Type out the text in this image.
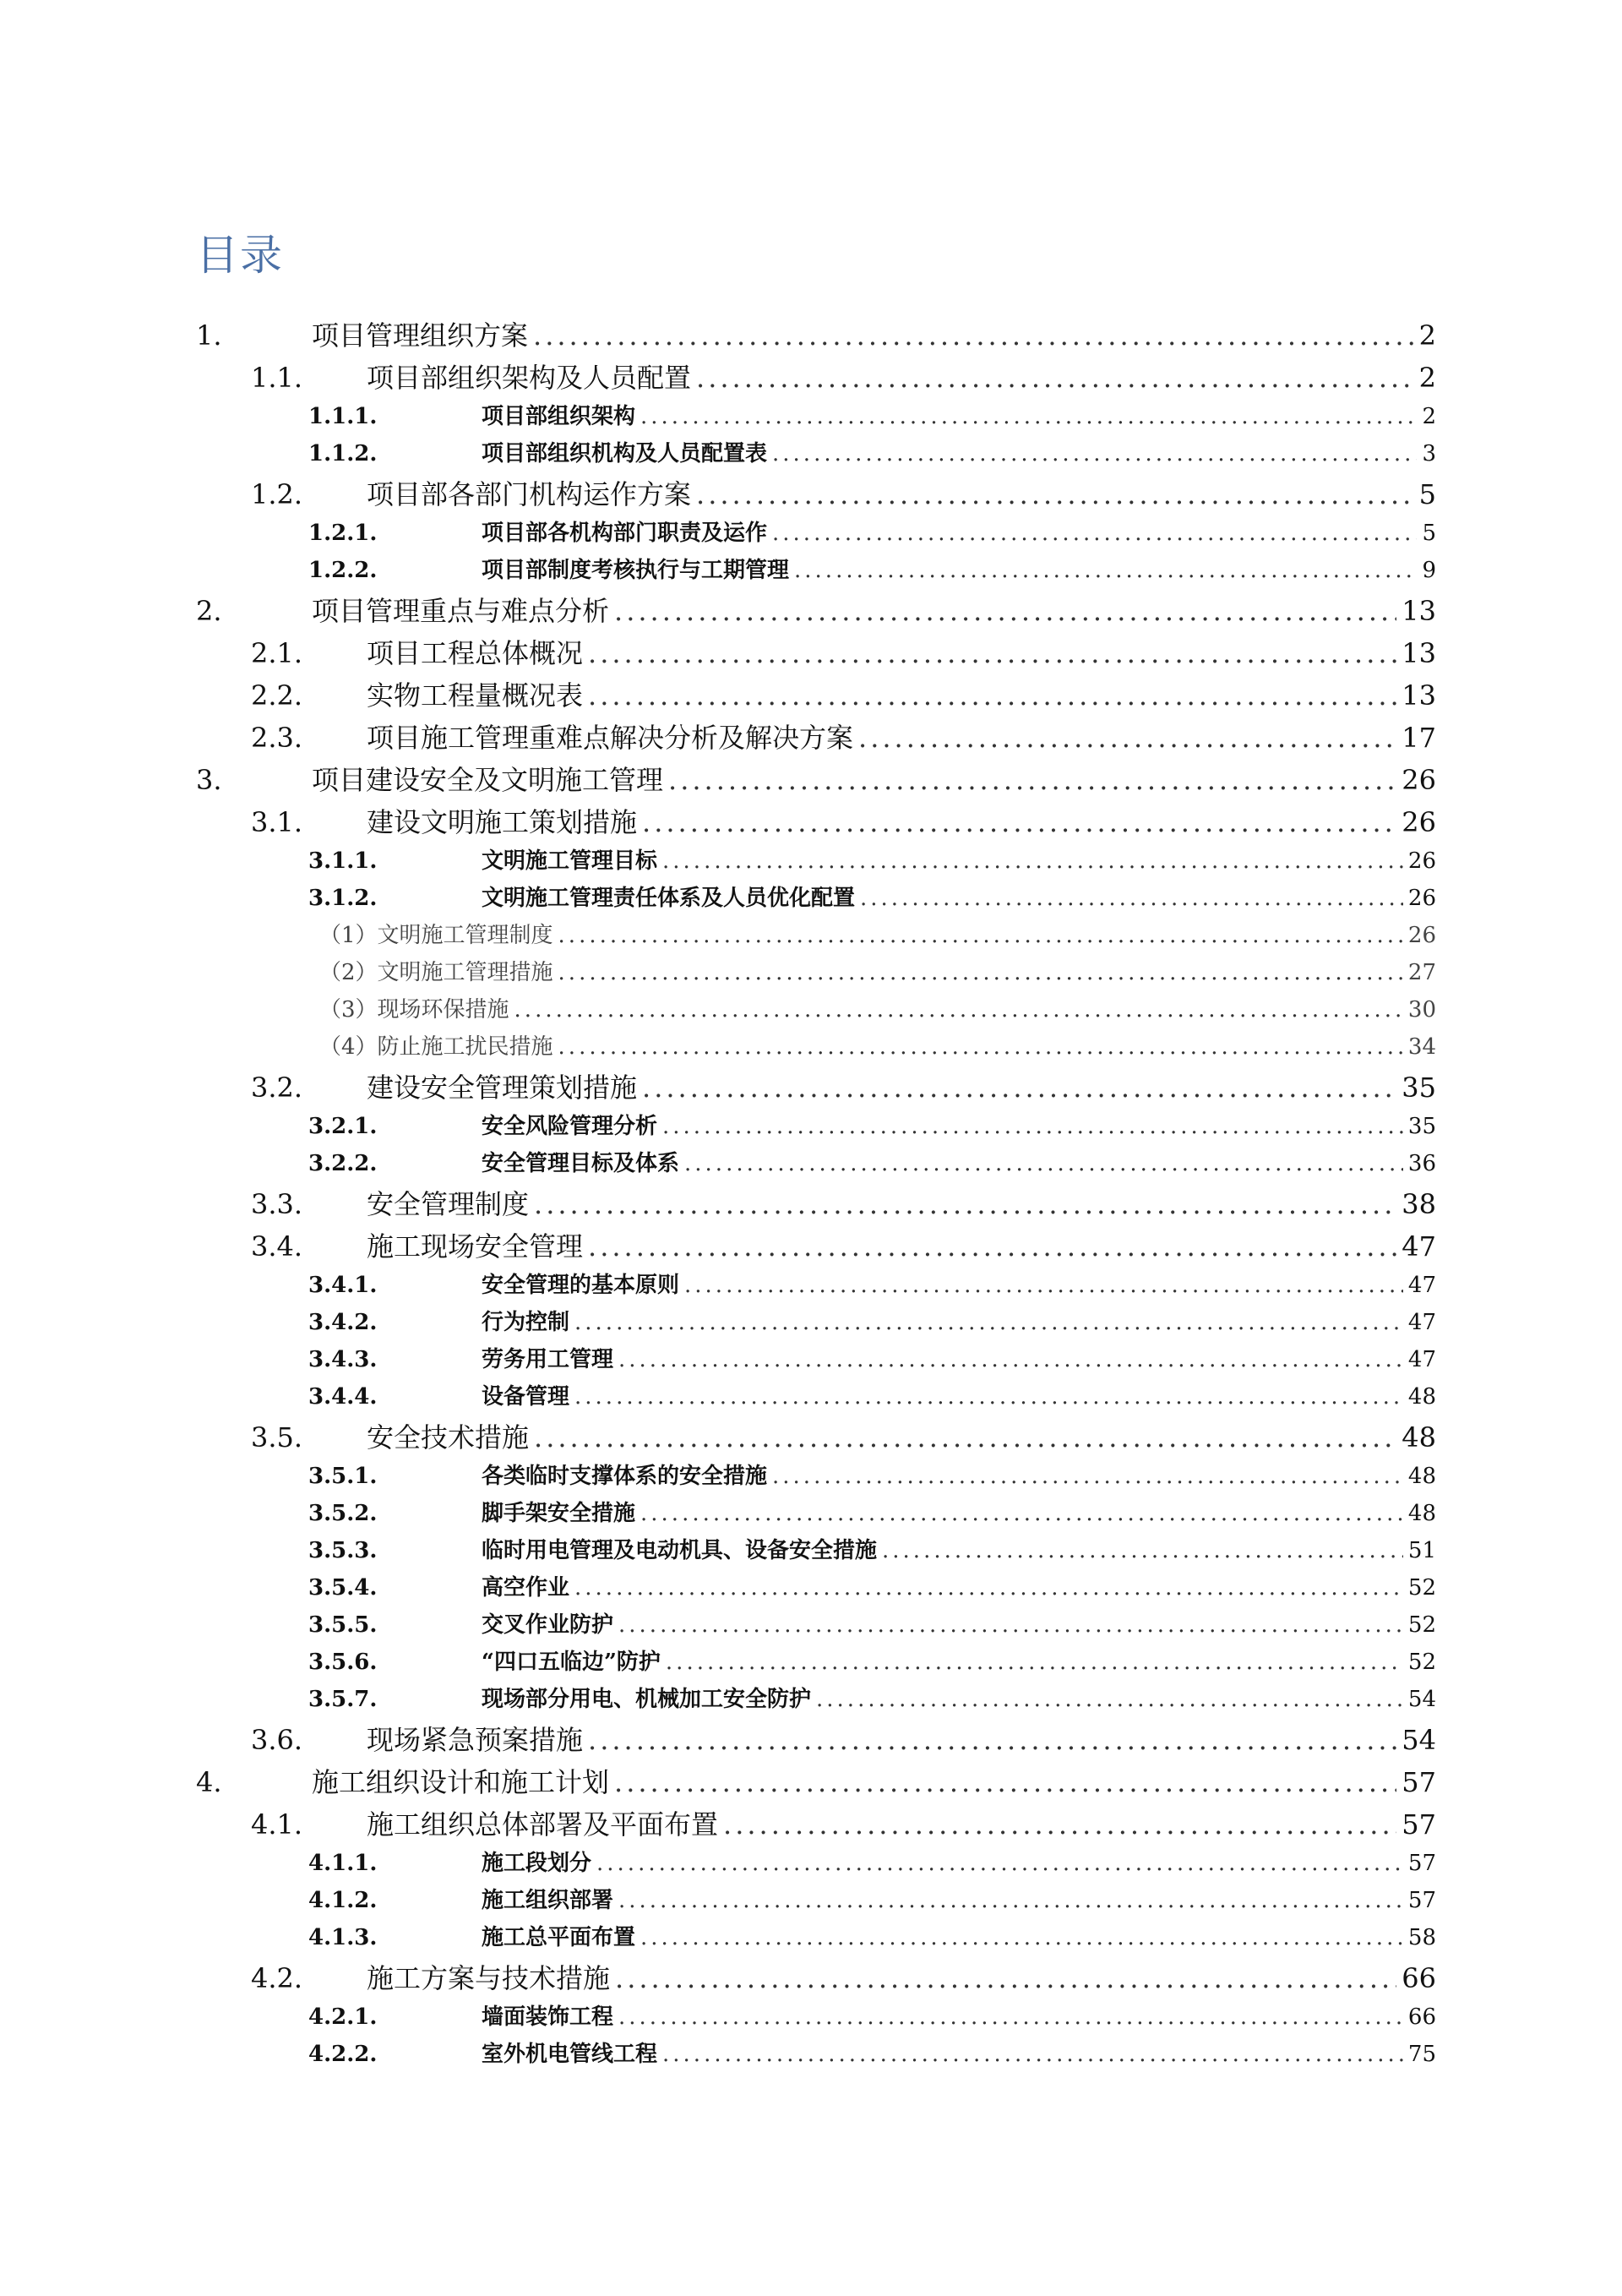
目录
1.	项目管理组织方案 .....	2
1.1.	项目部组织架构及人员配置 .....	2
1.1.1.	项目部组织架构 .....	2
1.1.2.	项目部组织机构及人员配置表 .....	3
1.2.	项目部各部门机构运作方案 .....	5
1.2.1.	项目部各机构部门职责及运作 .....	5
1.2.2.	项目部制度考核执行与工期管理 .....	9
2.	项目管理重点与难点分析 .....	13
2.1.	项目工程总体概况 .....	13
2.2.	实物工程量概况表 .....	13
2.3.	项目施工管理重难点解决分析及解决方案 .....	17
3.	项目建设安全及文明施工管理 .....	26
3.1.	建设文明施工策划措施 .....	26
3.1.1.	文明施工管理目标 .....	26
3.1.2.	文明施工管理责任体系及人员优化配置 .....	26
（1）文明施工管理制度 .....	26
（2）文明施工管理措施 .....	27
（3）现场环保措施 .....	30
（4）防止施工扰民措施 .....	34
3.2.	建设安全管理策划措施 .....	35
3.2.1.	安全风险管理分析 .....	35
3.2.2.	安全管理目标及体系 .....	36
3.3.	安全管理制度 .....	38
3.4.	施工现场安全管理 .....	47
3.4.1.	安全管理的基本原则 .....	47
3.4.2.	行为控制 .....	47
3.4.3.	劳务用工管理 .....	47
3.4.4.	设备管理 .....	48
3.5.	安全技术措施 .....	48
3.5.1.	各类临时支撑体系的安全措施 .....	48
3.5.2.	脚手架安全措施 .....	48
3.5.3.	临时用电管理及电动机具、设备安全措施 .....	51
3.5.4.	高空作业 .....	52
3.5.5.	交叉作业防护 .....	52
3.5.6.	“四口五临边”防护 .....	52
3.5.7.	现场部分用电、机械加工安全防护 .....	54
3.6.	现场紧急预案措施 .....	54
4.	施工组织设计和施工计划 .....	57
4.1.	施工组织总体部署及平面布置 .....	57
4.1.1.	施工段划分 .....	57
4.1.2.	施工组织部署 .....	57
4.1.3.	施工总平面布置 .....	58
4.2.	施工方案与技术措施 .....	66
4.2.1.	墙面装饰工程 .....	66
4.2.2.	室外机电管线工程 .....	75
